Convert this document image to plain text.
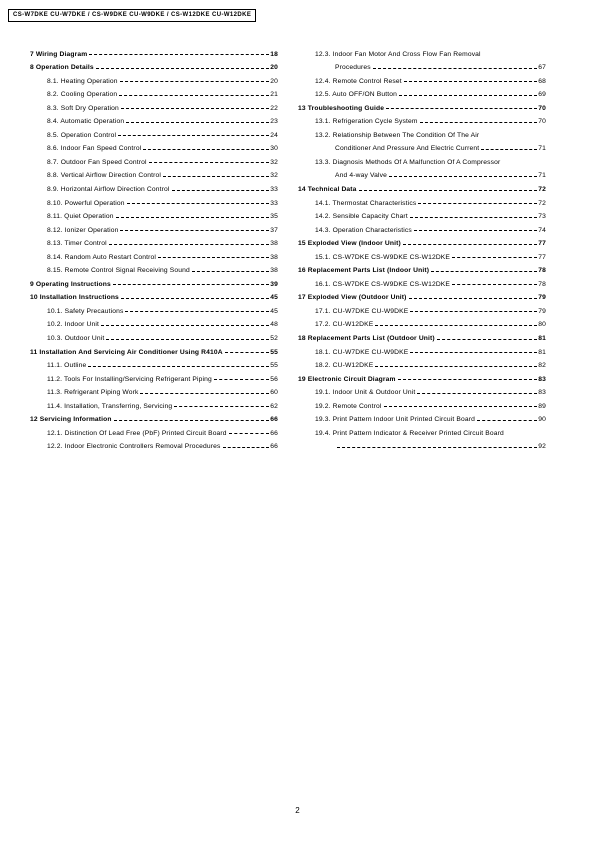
CS-W7DKE CU-W7DKE / CS-W9DKE CU-W9DKE / CS-W12DKE CU-W12DKE
7 Wiring Diagram	18
8 Operation Details	20
8.1. Heating Operation	20
8.2. Cooling Operation	21
8.3. Soft Dry Operation	22
8.4. Automatic Operation	23
8.5. Operation Control	24
8.6. Indoor Fan Speed Control	30
8.7. Outdoor Fan Speed Control	32
8.8. Vertical Airflow Direction Control	32
8.9. Horizontal Airflow Direction Control	33
8.10. Powerful Operation	33
8.11. Quiet Operation	35
8.12. Ionizer Operation	37
8.13. Timer Control	38
8.14. Random Auto Restart Control	38
8.15. Remote Control Signal Receiving Sound	38
9 Operating Instructions	39
10 Installation Instructions	45
10.1. Safety Precautions	45
10.2. Indoor Unit	48
10.3. Outdoor Unit	52
11 Installation And Servicing Air Conditioner Using R410A	55
11.1. Outline	55
11.2. Tools For Installing/Servicing Refrigerant Piping	56
11.3. Refrigerant Piping Work	60
11.4. Installation, Transferring, Servicing	62
12 Servicing Information	66
12.1. Distinction Of Lead Free (PbF) Printed Circuit Board	66
12.2. Indoor Electronic Controllers Removal Procedures	66
12.3. Indoor Fan Motor And Cross Flow Fan Removal
Procedures	67
12.4. Remote Control Reset	68
12.5. Auto OFF/ON Button	69
13 Troubleshooting Guide	70
13.1. Refrigeration Cycle System	70
13.2. Relationship Between The Condition Of The Air
Conditioner And Pressure And Electric Current	71
13.3. Diagnosis Methods Of A Malfunction Of A Compressor
And 4-way Valve	71
14 Technical Data	72
14.1. Thermostat Characteristics	72
14.2. Sensible Capacity Chart	73
14.3. Operation Characteristics	74
15 Exploded View (Indoor Unit)	77
15.1. CS-W7DKE CS-W9DKE CS-W12DKE	77
16 Replacement Parts List (Indoor Unit)	78
16.1. CS-W7DKE CS-W9DKE CS-W12DKE	78
17 Exploded View (Outdoor Unit)	79
17.1. CU-W7DKE CU-W9DKE	79
17.2. CU-W12DKE	80
18 Replacement Parts List (Outdoor Unit)	81
18.1. CU-W7DKE CU-W9DKE	81
18.2. CU-W12DKE	82
19 Electronic Circuit Diagram	83
19.1. Indoor Unit & Outdoor Unit	83
19.2. Remote Control	89
19.3. Print Pattern Indoor Unit Printed Circuit Board	90
19.4. Print Pattern Indicator & Receiver Printed Circuit Board
92
2
